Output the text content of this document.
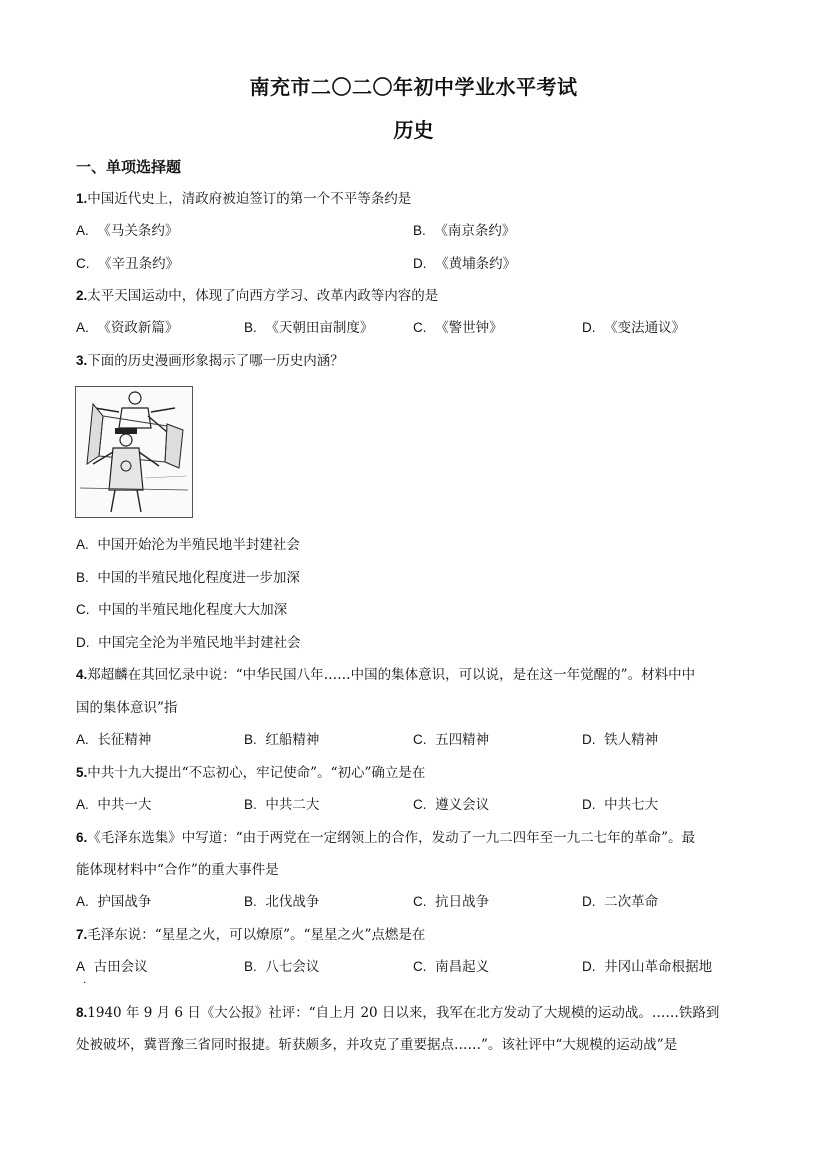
南充市二〇二〇年初中学业水平考试
历史
一、单项选择题
1.中国近代史上，清政府被迫签订的第一个不平等条约是
A. 《马关条约》	B. 《南京条约》
C. 《辛丑条约》	D. 《黄埔条约》
2.太平天国运动中，体现了向西方学习、改革内政等内容的是
A. 《资政新篇》	B. 《天朝田亩制度》	C. 《警世钟》	D. 《变法通议》
3.下面的历史漫画形象揭示了哪一历史内涵？
A. 中国开始沦为半殖民地半封建社会
B. 中国的半殖民地化程度进一步加深
C. 中国的半殖民地化程度大大加深
D. 中国完全沦为半殖民地半封建社会
4.郑超麟在其回忆录中说：“中华民国八年……中国的集体意识，可以说，是在这一年觉醒的”。材料中中
国的集体意识”指
A. 长征精神	B. 红船精神	C. 五四精神	D. 铁人精神
5.中共十九大提出“不忘初心，牢记使命”。“初心”确立是在
A. 中共一大	B. 中共二大	C. 遵义会议	D. 中共七大
6.《毛泽东选集》中写道：“由于两党在一定纲领上的合作，发动了一九二四年至一九二七年的革命”。最
能体现材料中“合作”的重大事件是
A. 护国战争	B. 北伐战争	C. 抗日战争	D. 二次革命
7.毛泽东说：“星星之火，可以燎原”。“星星之火”点燃是在
A 古田会议	B. 八七会议	C. 南昌起义	D. 井冈山革命根据地
·
8.1940 年 9 月 6 日《大公报》社评：“自上月 20 日以来，我军在北方发动了大规模的运动战。……铁路到
处被破坏，冀晋豫三省同时报捷。斩获颇多，并攻克了重要据点……”。该社评中“大规模的运动战”是
